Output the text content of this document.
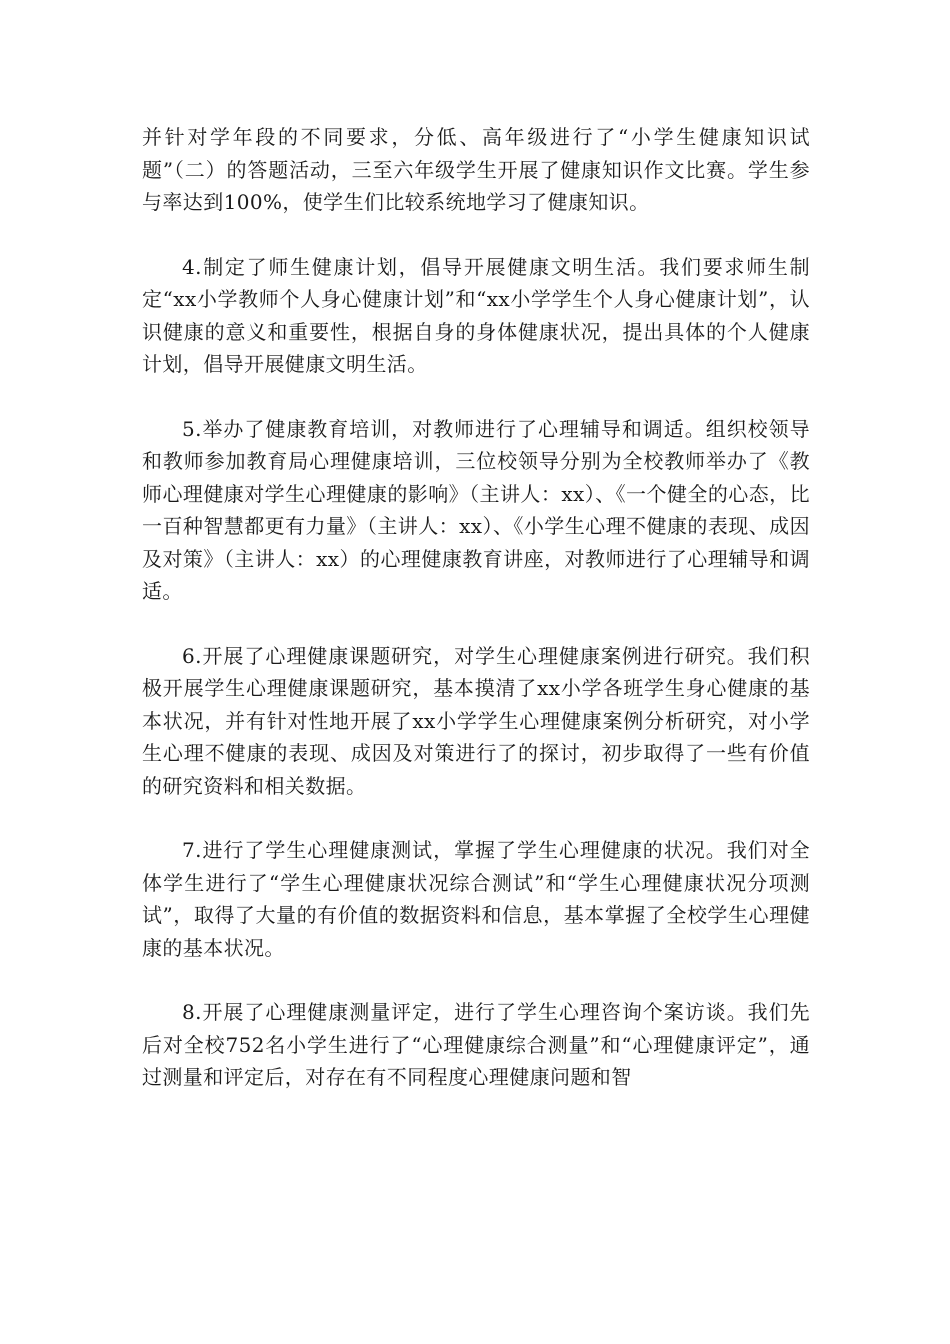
并针对学年段的不同要求，分低、高年级进行了“小学生健康知识试题”（二）的答题活动，三至六年级学生开展了健康知识作文比赛。学生参与率达到100%，使学生们比较系统地学习了健康知识。

4.制定了师生健康计划，倡导开展健康文明生活。我们要求师生制定“xx小学教师个人身心健康计划”和“xx小学学生个人身心健康计划”，认识健康的意义和重要性，根据自身的身体健康状况，提出具体的个人健康计划，倡导开展健康文明生活。

5.举办了健康教育培训，对教师进行了心理辅导和调适。组织校领导和教师参加教育局心理健康培训，三位校领导分别为全校教师举办了《教师心理健康对学生心理健康的影响》（主讲人：xx）、《一个健全的心态，比一百种智慧都更有力量》（主讲人：xx）、《小学生心理不健康的表现、成因及对策》（主讲人：xx）的心理健康教育讲座，对教师进行了心理辅导和调适。

6.开展了心理健康课题研究，对学生心理健康案例进行研究。我们积极开展学生心理健康课题研究，基本摸清了xx小学各班学生身心健康的基本状况，并有针对性地开展了xx小学学生心理健康案例分析研究，对小学生心理不健康的表现、成因及对策进行了的探讨，初步取得了一些有价值的研究资料和相关数据。

7.进行了学生心理健康测试，掌握了学生心理健康的状况。我们对全体学生进行了“学生心理健康状况综合测试”和“学生心理健康状况分项测试”，取得了大量的有价值的数据资料和信息，基本掌握了全校学生心理健康的基本状况。

8.开展了心理健康测量评定，进行了学生心理咨询个案访谈。我们先后对全校752名小学生进行了“心理健康综合测量”和“心理健康评定”，通过测量和评定后，对存在有不同程度心理健康问题和智
